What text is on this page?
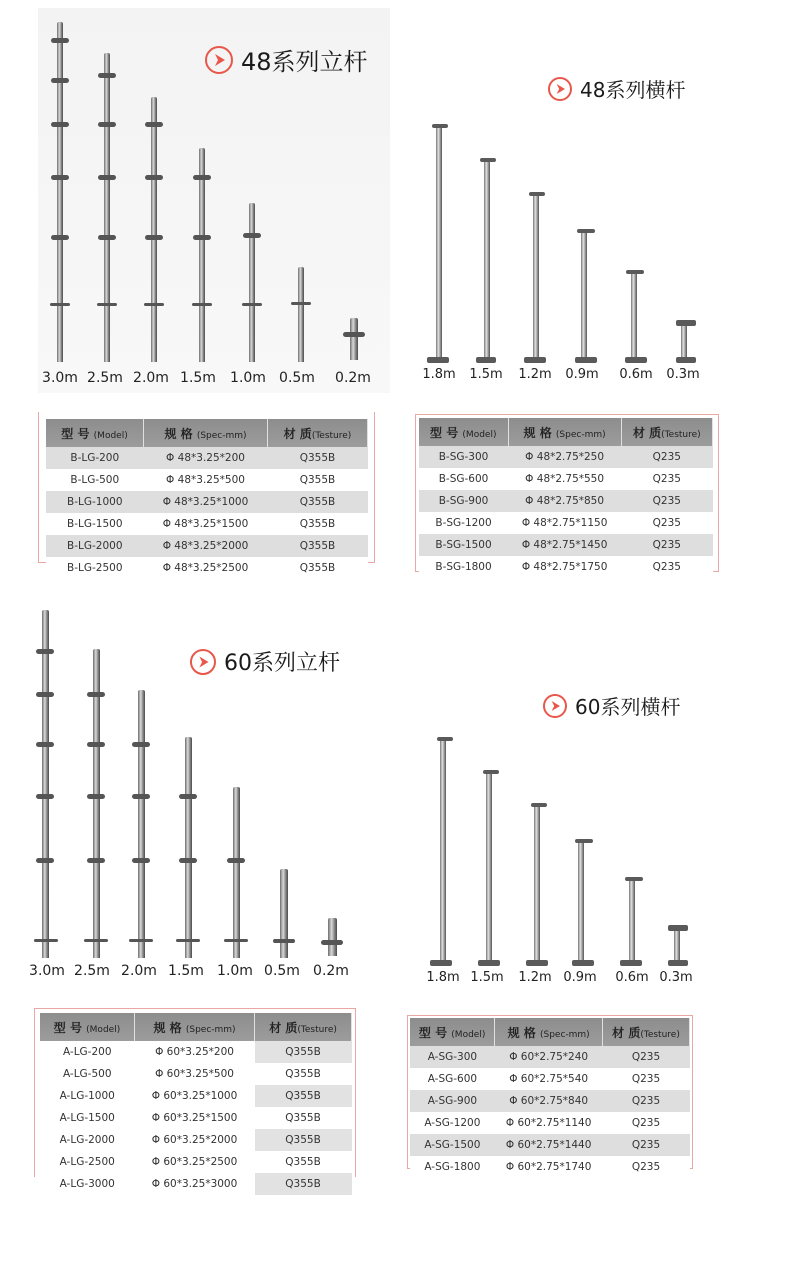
48系列立杆
3.0m 2.5m 2.0m 1.5m	1.0m 0.5m	0.2m
型 号 (Model)	规 格 (Spec-mm)	材 质(Testure)
B-LG-200	Φ 48*3.25*200	Q355B
B-LG-500	Φ 48*3.25*500	Q355B
B-LG-1000	Φ 48*3.25*1000	Q355B
B-LG-1500	Φ 48*3.25*1500	Q355B
B-LG-2000	Φ 48*3.25*2000	Q355B
B-LG-2500	Φ 48*3.25*2500	Q355B
48系列横杆
1.8m	1.5m	1.2m	0.9m	0.6m	0.3m
型 号 (Model)	规 格 (Spec-mm)	材 质(Testure)
B-SG-300	Φ 48*2.75*250	Q235
B-SG-600	Φ 48*2.75*550	Q235
B-SG-900	Φ 48*2.75*850	Q235
B-SG-1200	Φ 48*2.75*1150	Q235
B-SG-1500	Φ 48*2.75*1450	Q235
B-SG-1800	Φ 48*2.75*1750	Q235
60系列立杆
3.0m 2.5m 2.0m 1.5m 1.0m 0.5m 0.2m
型 号 (Model)	规 格 (Spec-mm)	材 质(Testure)
A-LG-200	Φ 60*3.25*200	Q355B
A-LG-500	Φ 60*3.25*500	Q355B
A-LG-1000	Φ 60*3.25*1000	Q355B
A-LG-1500	Φ 60*3.25*1500	Q355B
A-LG-2000	Φ 60*3.25*2000	Q355B
A-LG-2500	Φ 60*3.25*2500	Q355B
A-LG-3000	Φ 60*3.25*3000	Q355B
60系列横杆
1.8m 1.5m	1.2m 0.9m	0.6m 0.3m
型 号 (Model)	规 格 (Spec-mm)	材 质(Testure)
A-SG-300	Φ 60*2.75*240	Q235
A-SG-600	Φ 60*2.75*540	Q235
A-SG-900	Φ 60*2.75*840	Q235
A-SG-1200	Φ 60*2.75*1140	Q235
A-SG-1500	Φ 60*2.75*1440	Q235
A-SG-1800	Φ 60*2.75*1740	Q235
